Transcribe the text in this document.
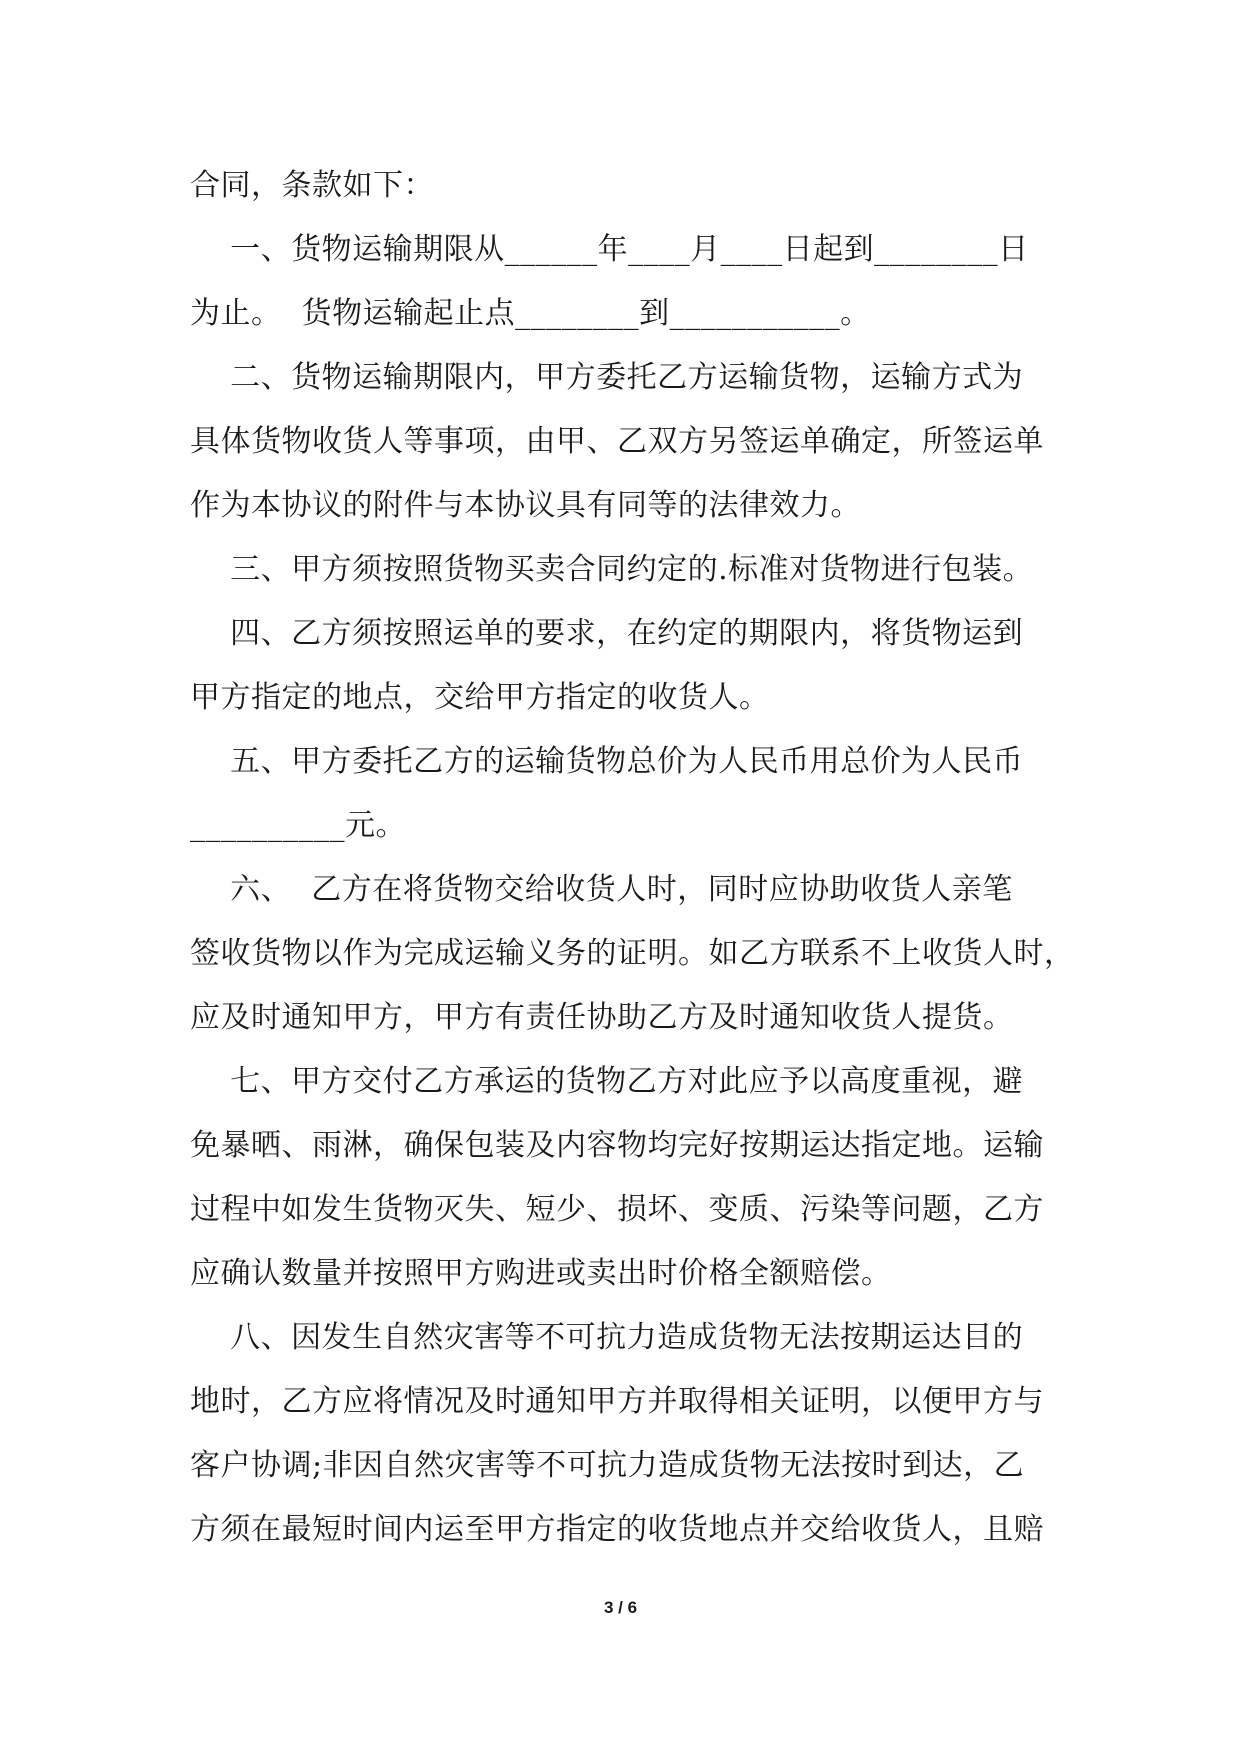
合同，条款如下：
一、货物运输期限从______年____月____日起到________日
为止。  货物运输起止点________到___________。
二、货物运输期限内，甲方委托乙方运输货物，运输方式为
具体货物收货人等事项，由甲、乙双方另签运单确定，所签运单
作为本协议的附件与本协议具有同等的法律效力。
三、甲方须按照货物买卖合同约定的.标准对货物进行包装。
四、乙方须按照运单的要求，在约定的期限内，将货物运到
甲方指定的地点，交给甲方指定的收货人。
五、甲方委托乙方的运输货物总价为人民币用总价为人民币
__________元。
六、  乙方在将货物交给收货人时，同时应协助收货人亲笔
签收货物以作为完成运输义务的证明。如乙方联系不上收货人时，
应及时通知甲方，甲方有责任协助乙方及时通知收货人提货。
七、甲方交付乙方承运的货物乙方对此应予以高度重视，避
免暴晒、雨淋，确保包装及内容物均完好按期运达指定地。运输
过程中如发生货物灭失、短少、损坏、变质、污染等问题，乙方
应确认数量并按照甲方购进或卖出时价格全额赔偿。
八、因发生自然灾害等不可抗力造成货物无法按期运达目的
地时，乙方应将情况及时通知甲方并取得相关证明，以便甲方与
客户协调;非因自然灾害等不可抗力造成货物无法按时到达，乙
方须在最短时间内运至甲方指定的收货地点并交给收货人，且赔
3 / 6
